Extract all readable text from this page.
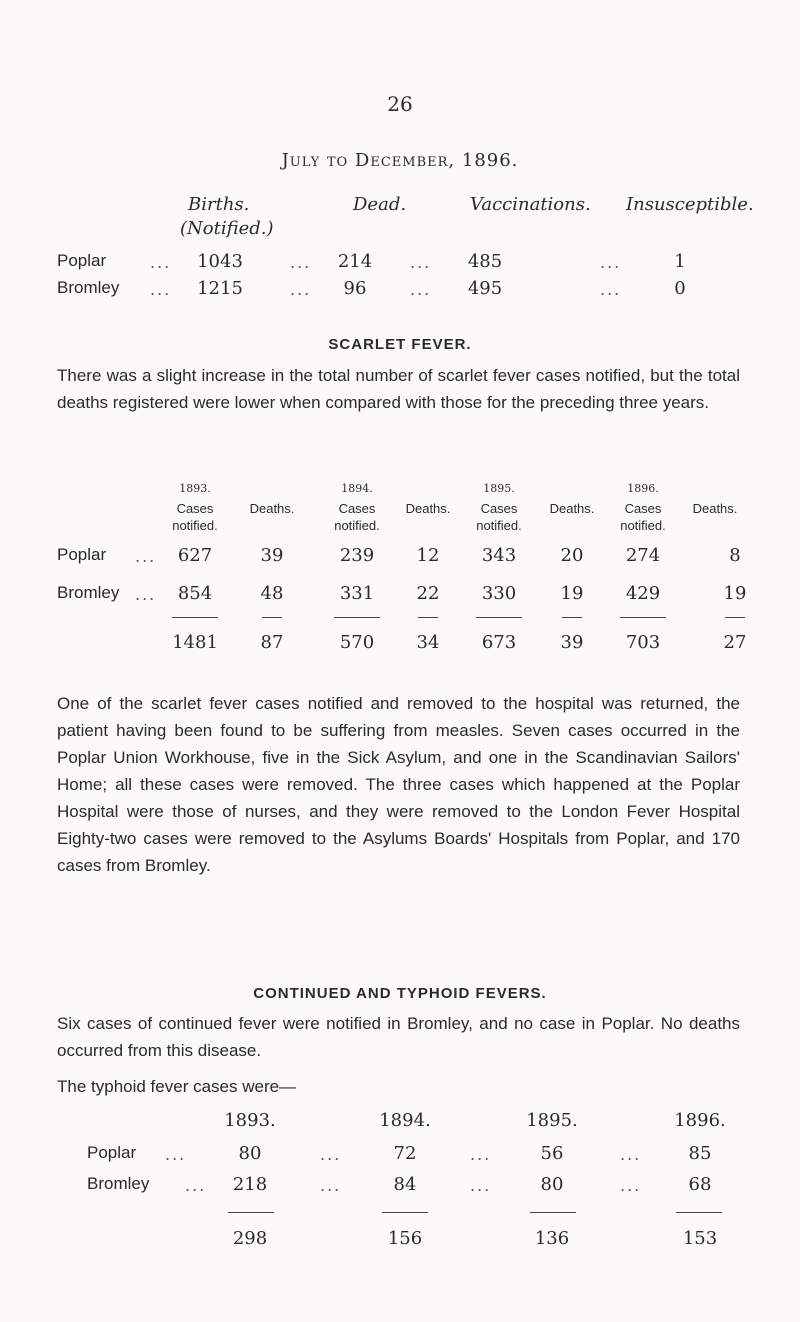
26
July to December, 1896.
Births.
(Notified.)
Dead.	Vaccinations. Insusceptible.
Poplar	...	1043	...	214	...	485	...	1
Bromley ...	1215	...	96	...	495	...	0
SCARLET FEVER.
There was a slight increase in the total number of scarlet fever cases notified, but the total deaths registered were lower when compared with those for the preceding three years.
1893.	1894.	1895.	1896.
Cases
notified.
Deaths.	Cases
notified.
Deaths.	Cases
notified.
Deaths.	Cases
notified.
Deaths.
Poplar ...	627	39	239	12	343	20	274	8
Bromley ...	854	48	331	22	330	19	429	19
1481	87	570	34	673	39	703	27
One of the scarlet fever cases notified and removed to the hospital was returned, the patient having been found to be suffering from measles. Seven cases occurred in the Poplar Union Workhouse, five in the Sick Asylum, and one in the Scandinavian Sailors' Home; all these cases were removed. The three cases which happened at the Poplar Hospital were those of nurses, and they were removed to the London Fever Hospital Eighty-two cases were removed to the Asylums Boards' Hospitals from Poplar, and 170 cases from Bromley.
CONTINUED AND TYPHOID FEVERS.
Six cases of continued fever were notified in Bromley, and no case in Poplar. No deaths occurred from this disease.
The typhoid fever cases were—
1893.	1894.	1895.	1896.
Poplar ...	80	...	72	...	56	...	85
Bromley ...	218	...	84	...	80	...	68
298	156	136	153
